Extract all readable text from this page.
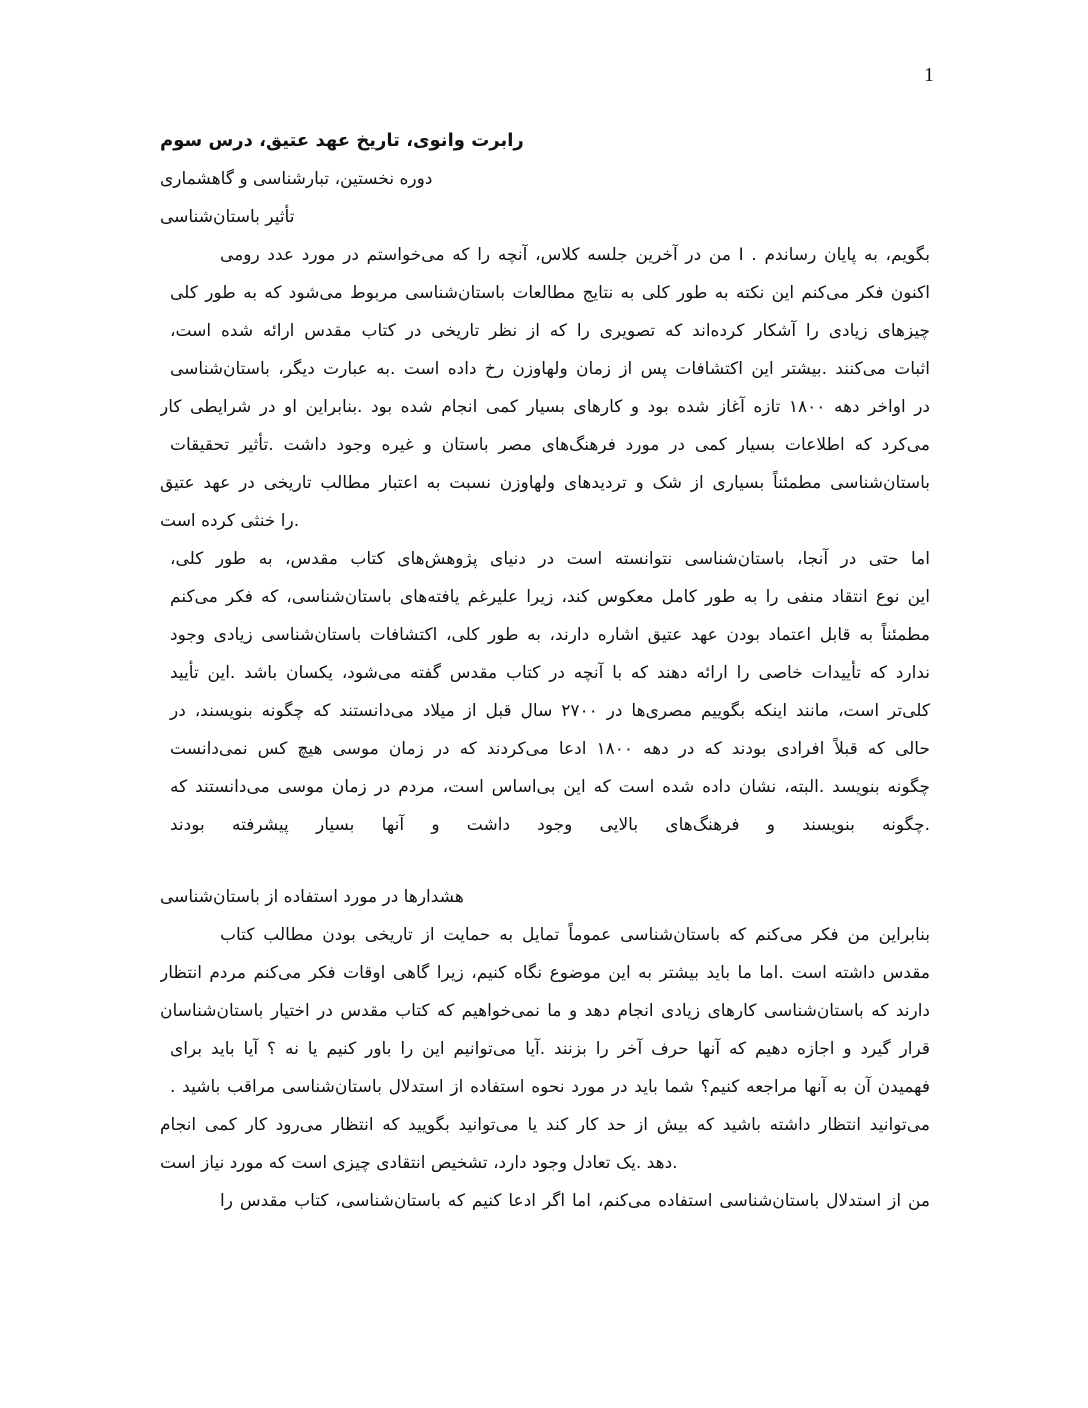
1
رابرت وانوی، تاریخ عهد عتیق، درس سوم
دوره نخستین، تبارشناسی و گاهشماری
تأثیر باستان‌شناسی
بگویم، به پایان رساندم . I من در آخرین جلسه کلاس، آنچه را که می‌خواستم در مورد عدد رومی
اکنون فکر می‌کنم این نکته به طور کلی به نتایج مطالعات باستان‌شناسی مربوط می‌شود که به طور کلی
چیزهای زیادی را آشکار کرده‌اند که تصویری را که از نظر تاریخی در کتاب مقدس ارائه شده است،
اثبات می‌کنند .بیشتر این اکتشافات پس از زمان ولهاوزن رخ داده است .به عبارت دیگر، باستان‌شناسی
در اواخر دهه ۱۸۰۰ تازه آغاز شده بود و کارهای بسیار کمی انجام شده بود .بنابراین او در شرایطی کار
می‌کرد که اطلاعات بسیار کمی در مورد فرهنگ‌های مصر باستان و غیره وجود داشت .تأثیر تحقیقات
باستان‌شناسی مطمئناً بسیاری از شک و تردیدهای ولهاوزن نسبت به اعتبار مطالب تاریخی در عهد عتیق
.را خنثی کرده است
اما حتی در آنجا، باستان‌شناسی نتوانسته است در دنیای پژوهش‌های کتاب مقدس، به طور کلی،
این نوع انتقاد منفی را به طور کامل معکوس کند، زیرا علیرغم یافته‌های باستان‌شناسی، که فکر می‌کنم
مطمئناً به قابل اعتماد بودن عهد عتیق اشاره دارند، به طور کلی، اکتشافات باستان‌شناسی زیادی وجود
ندارد که تأییدات خاصی را ارائه دهند که با آنچه در کتاب مقدس گفته می‌شود، یکسان باشد .این تأیید
کلی‌تر است، مانند اینکه بگوییم مصری‌ها در ۲۷۰۰ سال قبل از میلاد می‌دانستند که چگونه بنویسند، در
حالی که قبلاً افرادی بودند که در دهه ۱۸۰۰ ادعا می‌کردند که در زمان موسی هیچ کس نمی‌دانست
چگونه بنویسد .البته، نشان داده شده است که این بی‌اساس است، مردم در زمان موسی می‌دانستند که
.چگونه بنویسند و فرهنگ‌های بالایی وجود داشت و آنها بسیار پیشرفته بودند
هشدارها در مورد استفاده از باستان‌شناسی
بنابراین من فکر می‌کنم که باستان‌شناسی عموماً تمایل به حمایت از تاریخی بودن مطالب کتاب
مقدس داشته است .اما ما باید بیشتر به این موضوع نگاه کنیم، زیرا گاهی اوقات فکر می‌کنم مردم انتظار
دارند که باستان‌شناسی کارهای زیادی انجام دهد و ما نمی‌خواهیم که کتاب مقدس در اختیار باستان‌شناسان
قرار گیرد و اجازه دهیم که آنها حرف آخر را بزنند .آیا می‌توانیم این را باور کنیم یا نه ؟ آیا باید برای
فهمیدن آن به آنها مراجعه کنیم؟ شما باید در مورد نحوه استفاده از استدلال باستان‌شناسی مراقب باشید .
می‌توانید انتظار داشته باشید که بیش از حد کار کند یا می‌توانید بگویید که انتظار می‌رود کار کمی انجام
.دهد .یک تعادل وجود دارد، تشخیص انتقادی چیزی است که مورد نیاز است
من از استدلال باستان‌شناسی استفاده می‌کنم، اما اگر ادعا کنیم که باستان‌شناسی، کتاب مقدس را
